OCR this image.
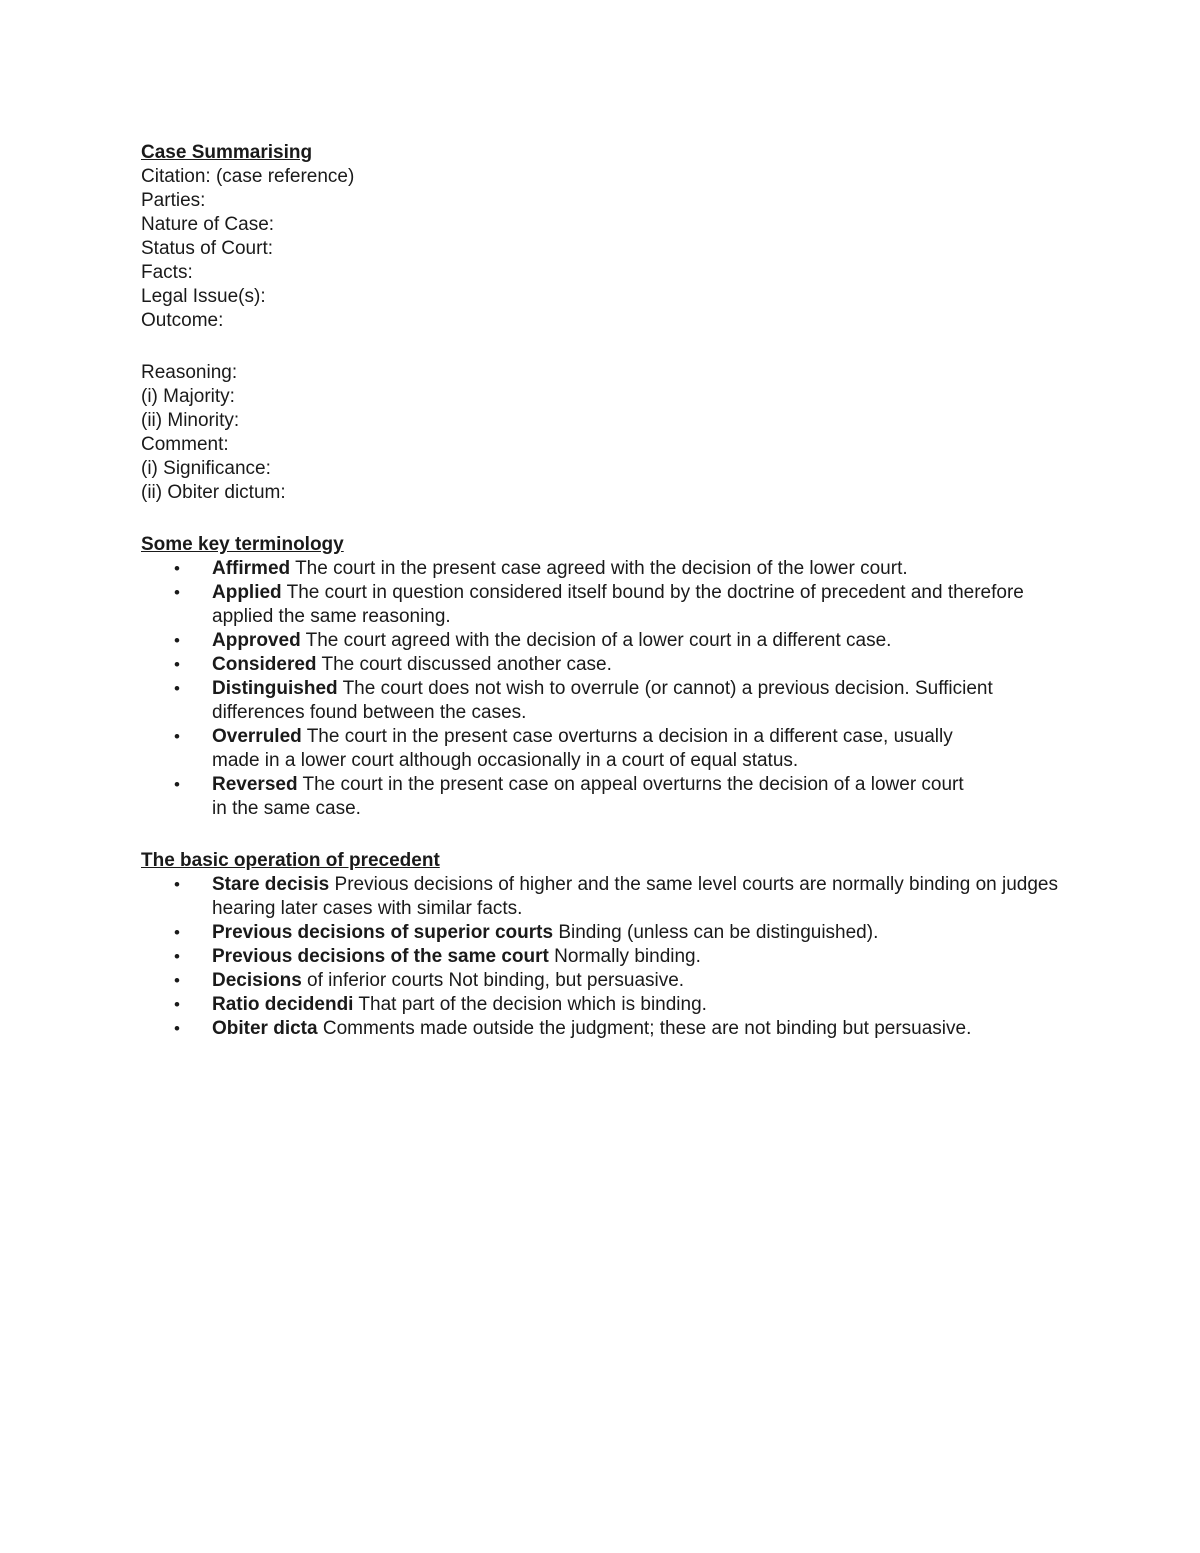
Case Summarising
Citation: (case reference)
Parties:
Nature of Case:
Status of Court:
Facts:
Legal Issue(s):
Outcome:
Reasoning:
(i) Majority:
(ii) Minority:
Comment:
(i) Significance:
(ii) Obiter dictum:
Some key terminology
• Affirmed The court in the present case agreed with the decision of the lower court.
• Applied The court in question considered itself bound by the doctrine of precedent and therefore applied the same reasoning.
• Approved The court agreed with the decision of a lower court in a different case.
• Considered The court discussed another case.
• Distinguished The court does not wish to overrule (or cannot) a previous decision. Sufficient differences found between the cases.
• Overruled The court in the present case overturns a decision in a different case, usually made in a lower court although occasionally in a court of equal status.
• Reversed The court in the present case on appeal overturns the decision of a lower court in the same case.
The basic operation of precedent
• Stare decisis Previous decisions of higher and the same level courts are normally binding on judges hearing later cases with similar facts.
• Previous decisions of superior courts Binding (unless can be distinguished).
• Previous decisions of the same court Normally binding.
• Decisions of inferior courts Not binding, but persuasive.
• Ratio decidendi That part of the decision which is binding.
• Obiter dicta Comments made outside the judgment; these are not binding but persuasive.
